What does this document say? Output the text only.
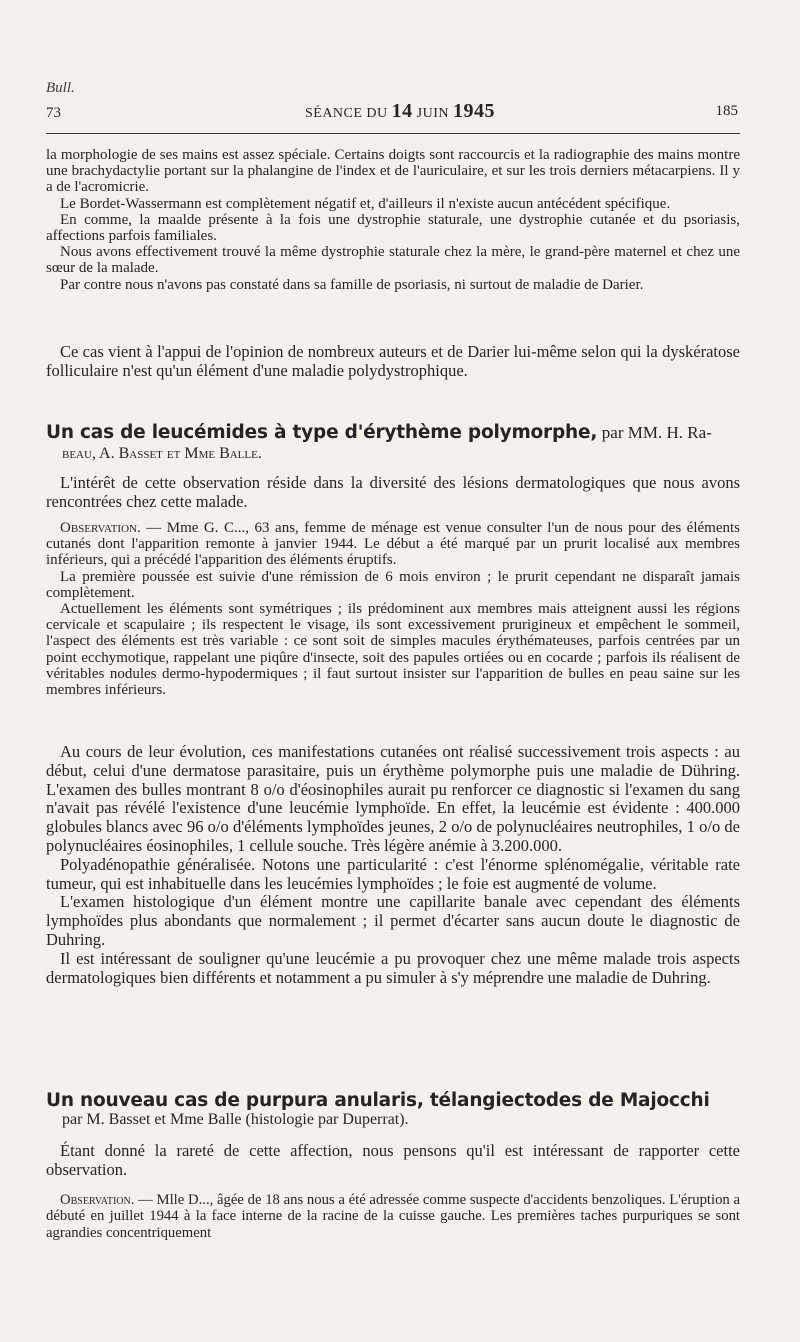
Bull.
73	SÉANCE DU 14 JUIN 1945	185

la morphologie de ses mains est assez spéciale. Certains doigts sont raccourcis et la radiographie des mains montre une brachydactylie portant sur la phalangine de l'index et de l'auriculaire, et sur les trois derniers métacarpiens. Il y a de l'acromicrie.

Le Bordet-Wassermann est complètement négatif et, d'ailleurs il n'existe aucun antécédent spécifique.

En comme, la maalde présente à la fois une dystrophie staturale, une dystrophie cutanée et du psoriasis, affections parfois familiales.

Nous avons effectivement trouvé la même dystrophie staturale chez la mère, le grand-père maternel et chez une sœur de la malade.

Par contre nous n'avons pas constaté dans sa famille de psoriasis, ni surtout de maladie de Darier.

Ce cas vient à l'appui de l'opinion de nombreux auteurs et de Darier lui-même selon qui la dyskératose folliculaire n'est qu'un élément d'une maladie polydystrophique.

Un cas de leucémides à type d'érythème polymorphe, par MM. H. Ra-
beau, A. Basset et Mme Balle.

L'intérêt de cette observation réside dans la diversité des lésions dermatologiques que nous avons rencontrées chez cette malade.

Observation. — Mme G. C..., 63 ans, femme de ménage est venue consulter l'un de nous pour des éléments cutanés dont l'apparition remonte à janvier 1944. Le début a été marqué par un prurit localisé aux membres inférieurs, qui a précédé l'apparition des éléments éruptifs.

La première poussée est suivie d'une rémission de 6 mois environ ; le prurit cependant ne disparaît jamais complètement.

Actuellement les éléments sont symétriques ; ils prédominent aux membres mais atteignent aussi les régions cervicale et scapulaire ; ils respectent le visage, ils sont excessivement prurigineux et empêchent le sommeil, l'aspect des éléments est très variable : ce sont soit de simples macules érythémateuses, parfois centrées par un point ecchymotique, rappelant une piqûre d'insecte, soit des papules ortiées ou en cocarde ; parfois ils réalisent de véritables nodules dermo-hypodermiques ; il faut surtout insister sur l'apparition de bulles en peau saine sur les membres inférieurs.

Au cours de leur évolution, ces manifestations cutanées ont réalisé successivement trois aspects : au début, celui d'une dermatose parasitaire, puis un érythème polymorphe puis une maladie de Dühring. L'examen des bulles montrant 8 o/o d'éosinophiles aurait pu renforcer ce diagnostic si l'examen du sang n'avait pas révélé l'existence d'une leucémie lymphoïde. En effet, la leucémie est évidente : 400.000 globules blancs avec 96 o/o d'éléments lymphoïdes jeunes, 2 o/o de polynucléaires neutrophiles, 1 o/o de polynucléaires éosinophiles, 1 cellule souche. Très légère anémie à 3.200.000.

Polyadénopathie généralisée. Notons une particularité : c'est l'énorme splénomégalie, véritable rate tumeur, qui est inhabituelle dans les leucémies lymphoïdes ; le foie est augmenté de volume.

L'examen histologique d'un élément montre une capillarite banale avec cependant des éléments lymphoïdes plus abondants que normalement ; il permet d'écarter sans aucun doute le diagnostic de Duhring.

Il est intéressant de souligner qu'une leucémie a pu provoquer chez une même malade trois aspects dermatologiques bien différents et notamment a pu simuler à s'y méprendre une maladie de Duhring.

Un nouveau cas de purpura anularis, télangiectodes de Majocchi
par M. Basset et Mme Balle (histologie par Duperrat).

Étant donné la rareté de cette affection, nous pensons qu'il est intéressant de rapporter cette observation.

Observation. — Mlle D..., âgée de 18 ans nous a été adressée comme suspecte d'accidents benzoliques. L'éruption a débuté en juillet 1944 à la face interne de la racine de la cuisse gauche. Les premières taches purpuriques se sont agrandies concentriquement
